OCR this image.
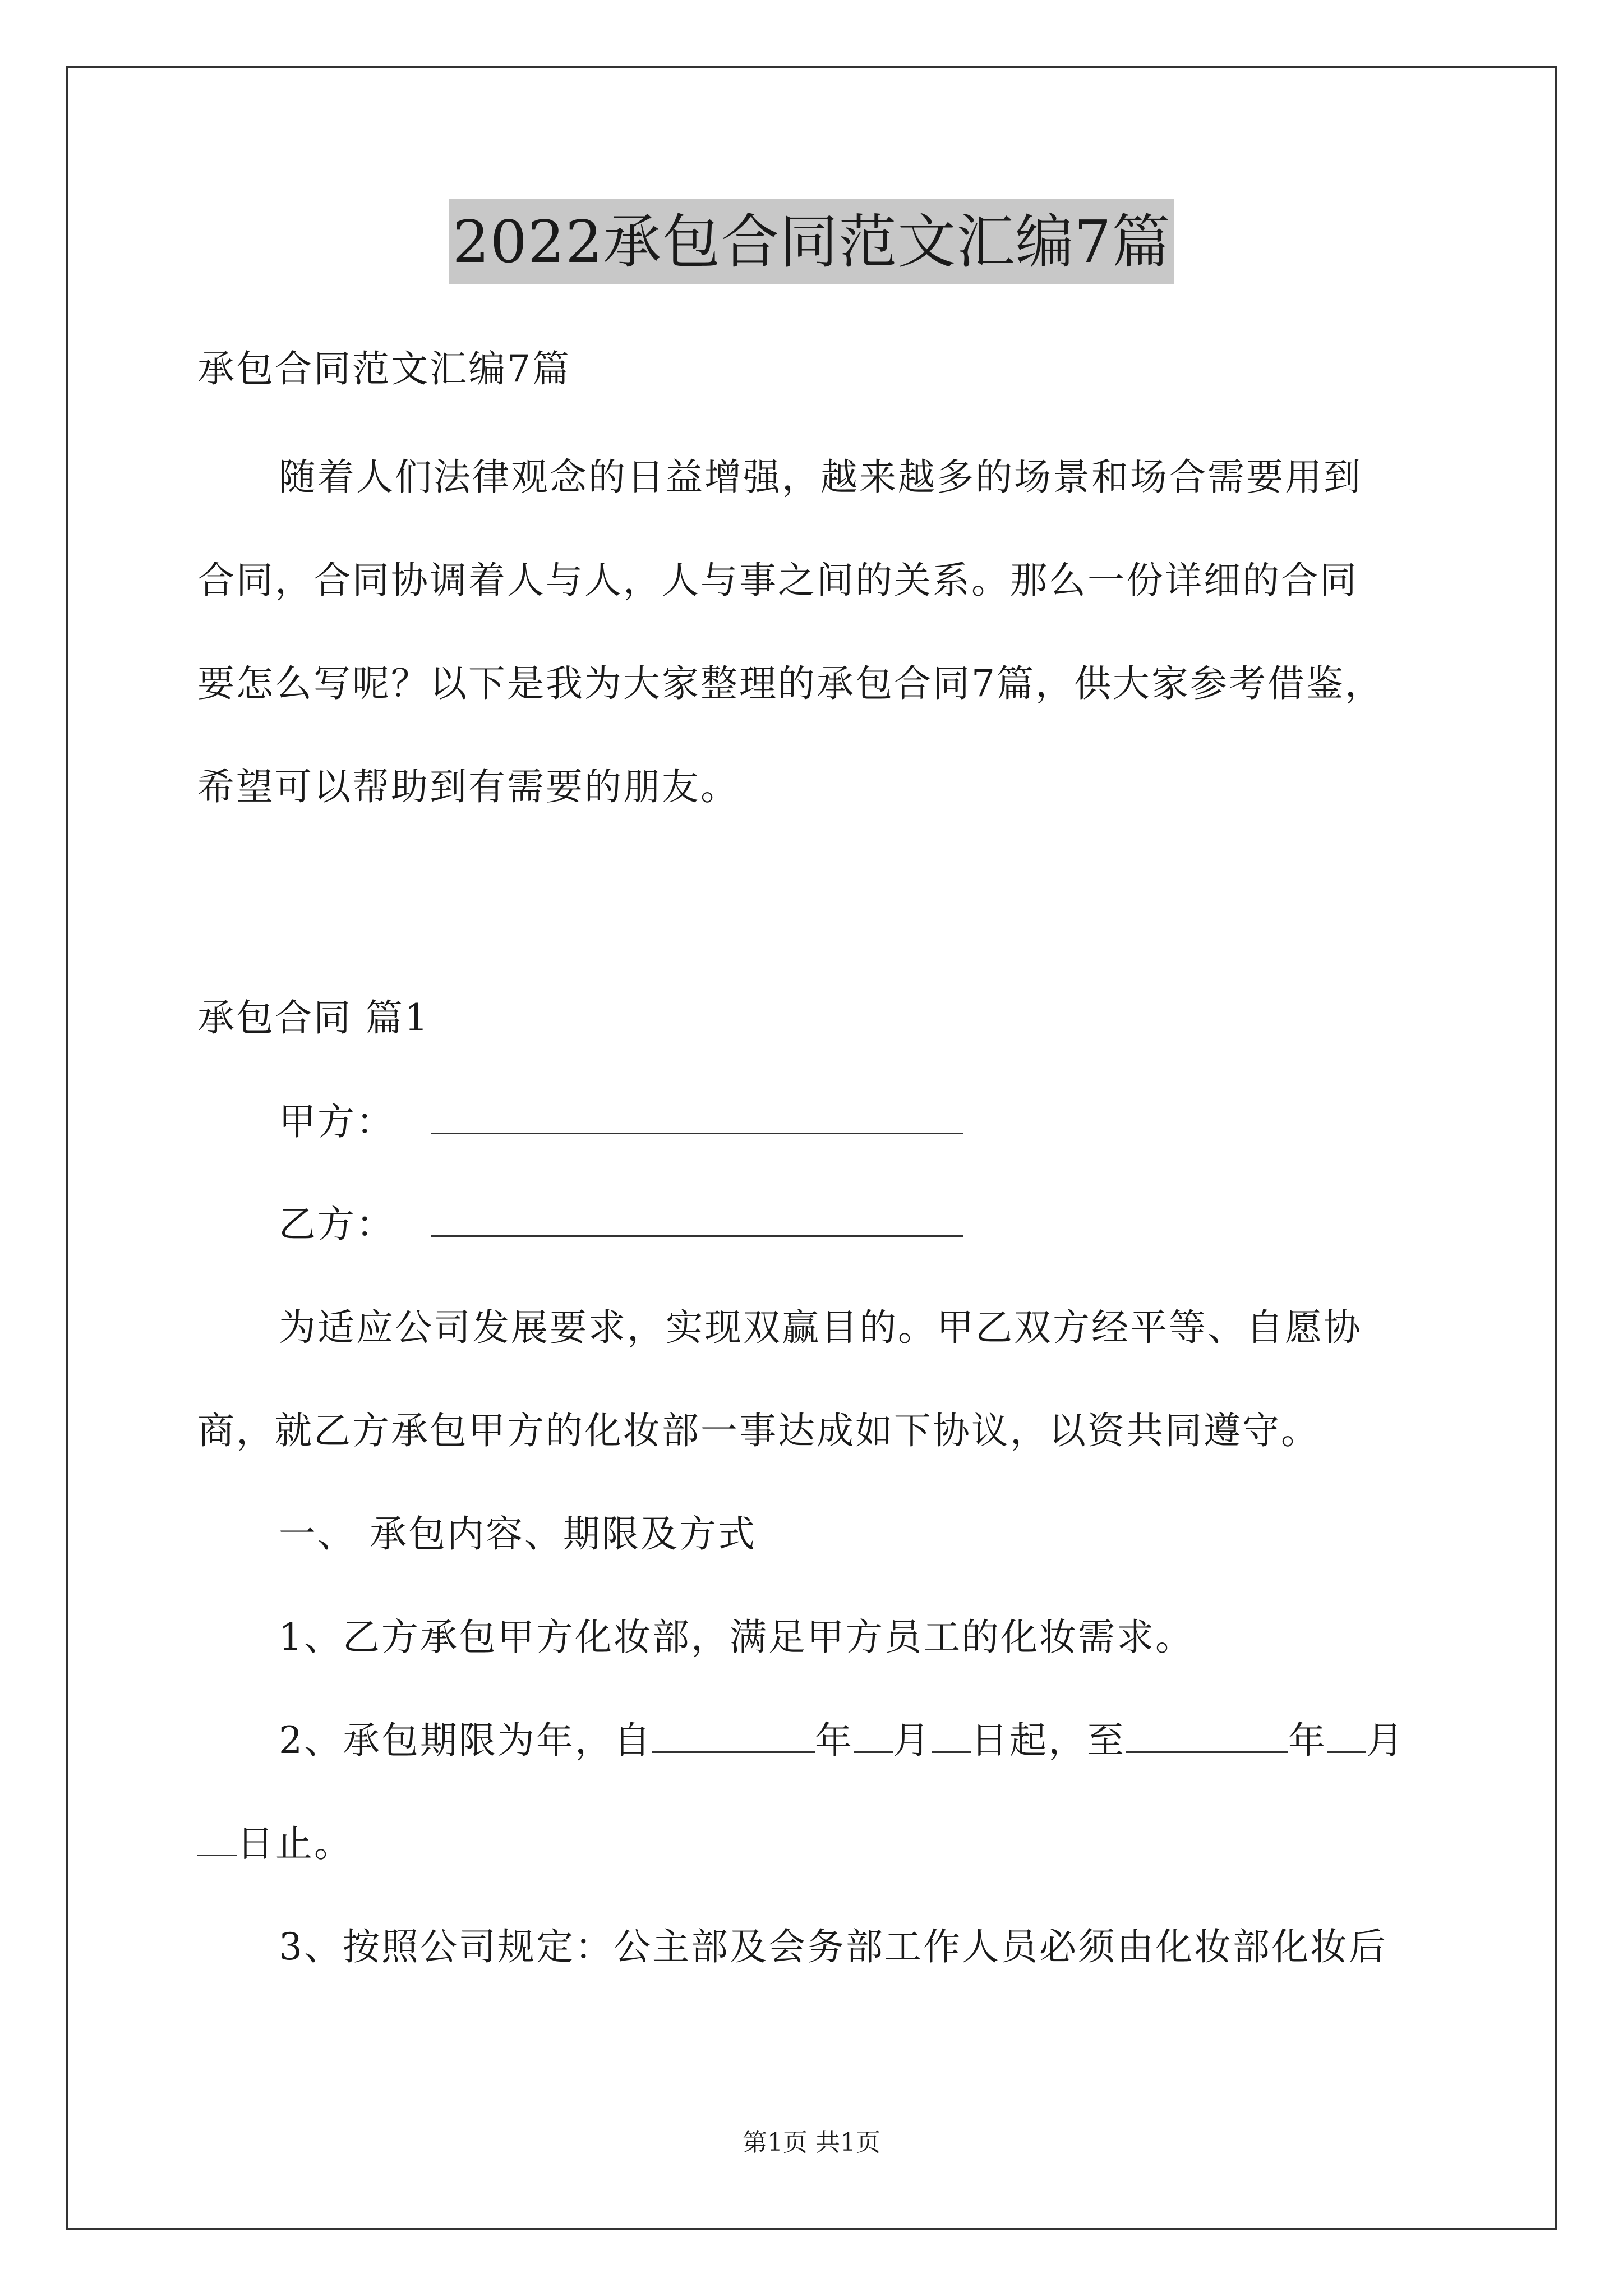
2022承包合同范文汇编7篇
承包合同范文汇编7篇
随着人们法律观念的日益增强，越来越多的场景和场合需要用到
合同，合同协调着人与人，人与事之间的关系。那么一份详细的合同
要怎么写呢？以下是我为大家整理的承包合同7篇，供大家参考借鉴，
希望可以帮助到有需要的朋友。
承包合同 篇1
甲方：
乙方：
为适应公司发展要求，实现双赢目的。甲乙双方经平等、自愿协
商，就乙方承包甲方的化妆部一事达成如下协议，以资共同遵守。
一、 承包内容、期限及方式
1、乙方承包甲方化妆部，满足甲方员工的化妆需求。
2、承包期限为年，自	年 月 日起，至	年 月
日止。
3、按照公司规定：公主部及会务部工作人员必须由化妆部化妆后
第1页 共1页
